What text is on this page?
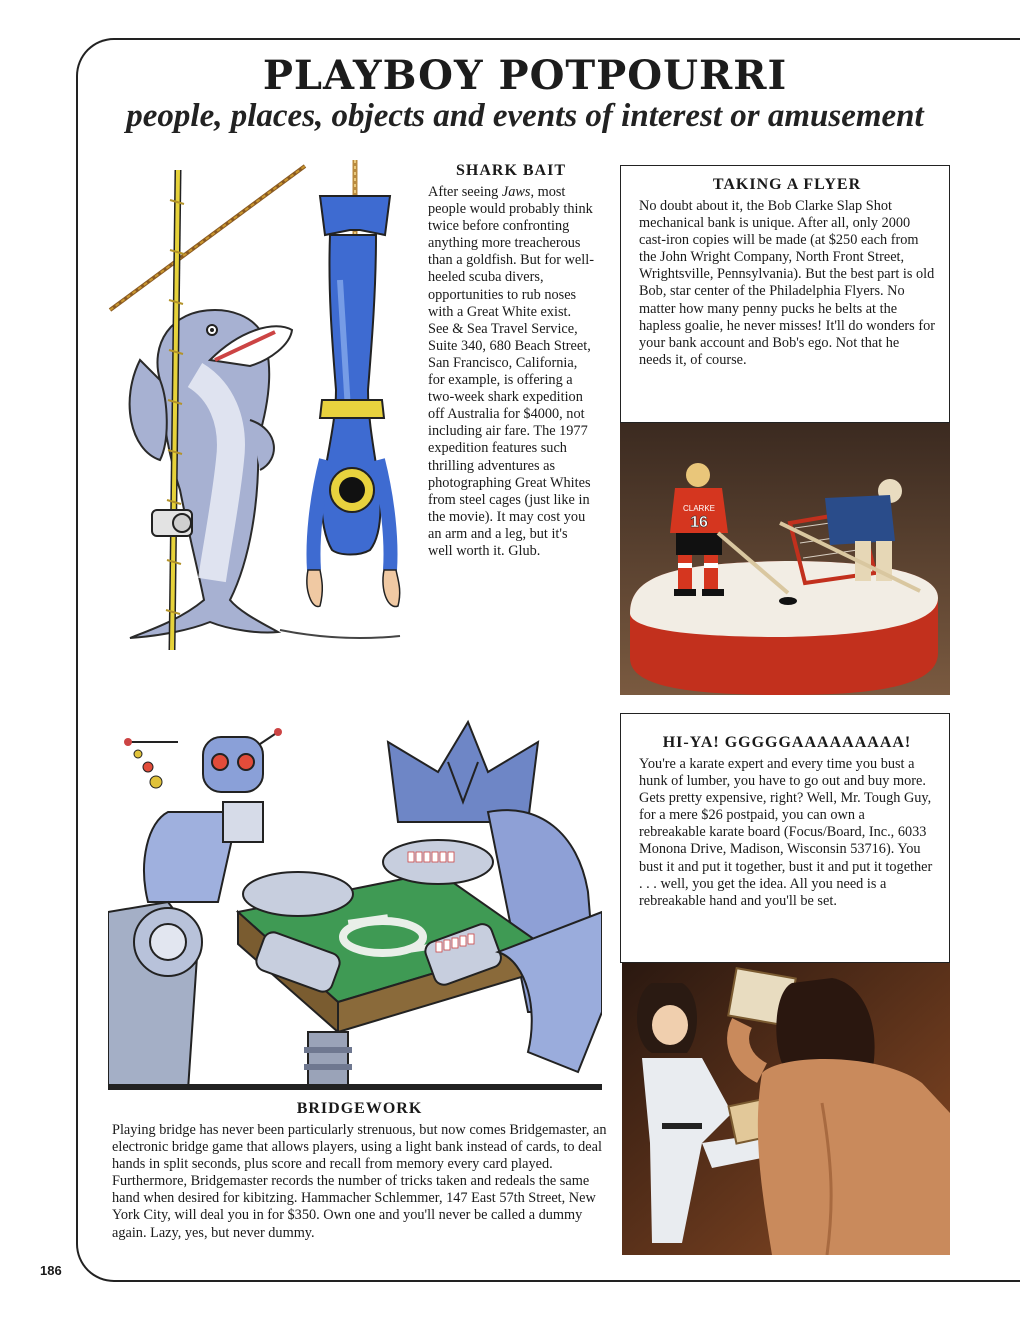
PLAYBOY POTPOURRI
people, places, objects and events of interest or amusement
SHARK BAIT

After seeing Jaws, most people would probably think twice before confronting anything more treacherous than a goldfish. But for well-heeled scuba divers, opportunities to rub noses with a Great White exist. See & Sea Travel Service, Suite 340, 680 Beach Street, San Francisco, California, for example, is offering a two-week shark expedition off Australia for $4000, not including air fare. The 1977 expedition features such thrilling adventures as photographing Great Whites from steel cages (just like in the movie). It may cost you an arm and a leg, but it's well worth it. Glub.

TAKING A FLYER

No doubt about it, the Bob Clarke Slap Shot mechanical bank is unique. After all, only 2000 cast-iron copies will be made (at $250 each from the John Wright Company, North Front Street, Wrightsville, Pennsylvania). But the best part is old Bob, star center of the Philadelphia Flyers. No matter how many penny pucks he belts at the hapless goalie, he never misses! It'll do wonders for your bank account and Bob's ego. Not that he needs it, of course.

CLARKE
16
BRIDGEWORK

Playing bridge has never been particularly strenuous, but now comes Bridgemaster, an electronic bridge game that allows players, using a light bank instead of cards, to deal hands in split seconds, plus score and recall from memory every card played. Furthermore, Bridgemaster records the number of tricks taken and redeals the same hand when desired for kibitzing. Hammacher Schlemmer, 147 East 57th Street, New York City, will deal you in for $350. Own one and you'll never be called a dummy again. Lazy, yes, but never dummy.

HI-YA! GGGGGAAAAAAAAA!

You're a karate expert and every time you bust a hunk of lumber, you have to go out and buy more. Gets pretty expensive, right? Well, Mr. Tough Guy, for a mere $26 postpaid, you can own a rebreakable karate board (Focus/Board, Inc., 6033 Monona Drive, Madison, Wisconsin 53716). You bust it and put it together, bust it and put it together . . . well, you get the idea. All you need is a rebreakable hand and you'll be set.

186
